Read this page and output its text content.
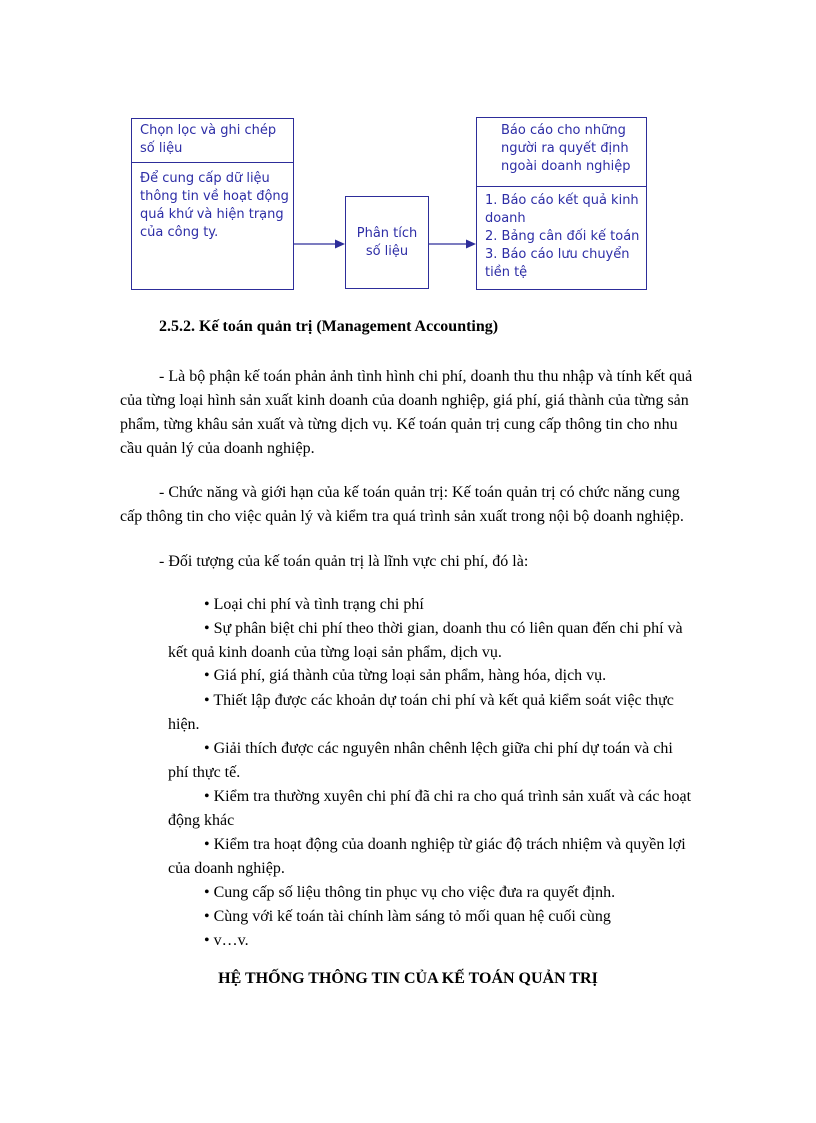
Chọn lọc và ghi chép
số liệu
Để cung cấp dữ liệu
thông tin về hoạt động
quá khứ và hiện trạng
của công ty.	Phân tích
số liệu
Báo cáo cho những
người ra quyết định
ngoài doanh nghiệp
1. Báo cáo kết quả kinh
doanh
2. Bảng cân đối kế toán
3. Báo cáo lưu chuyển
tiền tệ
2.5.2. Kế toán quản trị (Management Accounting)
- Là bộ phận kế toán phản ảnh tình hình chi phí, doanh thu thu nhập và tính kết quả
của từng loại hình sản xuất kinh doanh của doanh nghiệp, giá phí, giá thành của từng sản
phẩm, từng khâu sản xuất và từng dịch vụ. Kế toán quản trị cung cấp thông tin cho nhu
cầu quản lý của doanh nghiệp.
- Chức năng và giới hạn của kế toán quản trị: Kế toán quản trị có chức năng cung
cấp thông tin cho việc quản lý và kiểm tra quá trình sản xuất trong nội bộ doanh nghiệp.
- Đối tượng của kế toán quản trị là lĩnh vực chi phí, đó là:
• Loại chi phí và tình trạng chi phí
• Sự phân biệt chi phí theo thời gian, doanh thu có liên quan đến chi phí và
kết quả kinh doanh của từng loại sản phẩm, dịch vụ.
• Giá phí, giá thành của từng loại sản phẩm, hàng hóa, dịch vụ.
• Thiết lập được các khoản dự toán chi phí và kết quả kiểm soát việc thực
hiện.
• Giải thích được các nguyên nhân chênh lệch giữa chi phí dự toán và chi
phí thực tế.
• Kiểm tra thường xuyên chi phí đã chi ra cho quá trình sản xuất và các hoạt
động khác
• Kiểm tra hoạt động của doanh nghiệp từ giác độ trách nhiệm và quyền lợi
của doanh nghiệp.
• Cung cấp số liệu thông tin phục vụ cho việc đưa ra quyết định.
• Cùng với kế toán tài chính làm sáng tỏ mối quan hệ cuối cùng
• v…v.
HỆ THỐNG THÔNG TIN CỦA KẾ TOÁN QUẢN TRỊ
